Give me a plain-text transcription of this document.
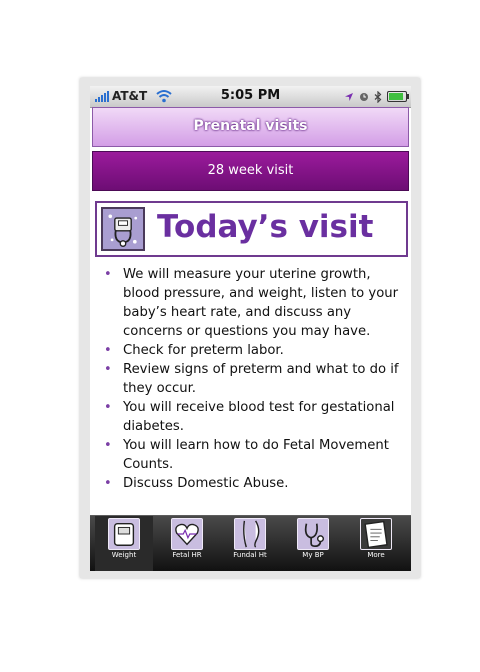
AT&T	5:05 PM
Prenatal visits
28 week visit
Today’s visit
• We will measure your uterine growth, blood pressure, and weight, listen to your baby’s heart rate, and discuss any concerns or questions you may have.
• Check for preterm labor.
• Review signs of preterm and what to do if they occur.
• You will receive blood test for gestational diabetes.
• You will learn how to do Fetal Movement Counts.
• Discuss Domestic Abuse.
Weight	Fetal HR	Fundal Ht	My BP	More
